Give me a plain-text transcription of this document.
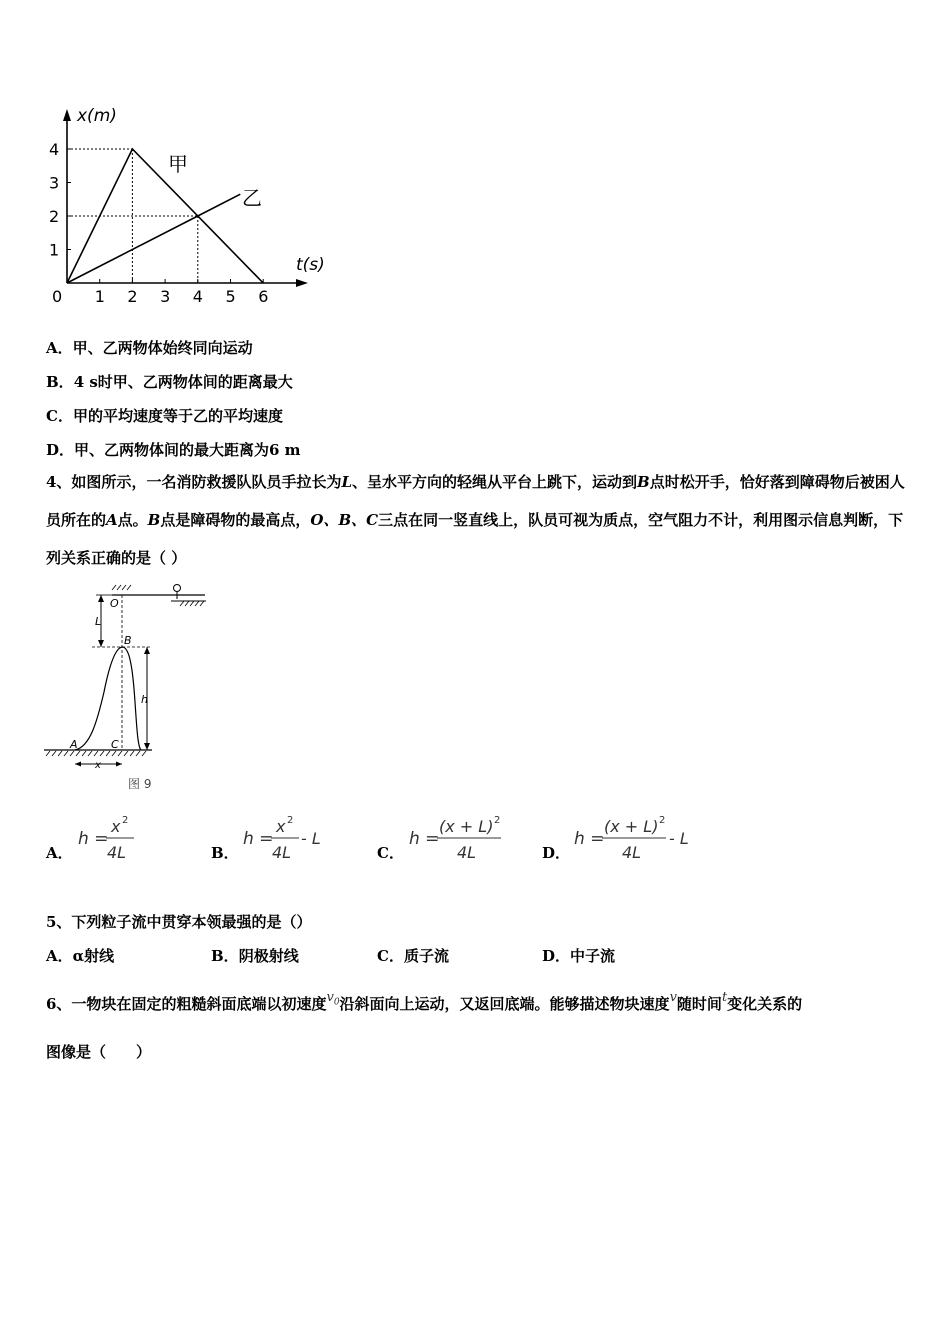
1 2 3 4 5 6
1
2
3
4
x(m)
t(s)
0
甲
乙
A．甲、乙两物体始终同向运动
B．4 s时甲、乙两物体间的距离最大
C．甲的平均速度等于乙的平均速度
D．甲、乙两物体间的最大距离为6 m
4、如图所示，一名消防救援队队员手拉长为L、呈水平方向的轻绳从平台上跳下，运动到B点时松开手，恰好落到障碍物后被困人员所在的A点。B点是障碍物的最高点，O、B、C三点在同一竖直线上，队员可视为质点，空气阻力不计，利用图示信息判断，下列关系正确的是（ ）
O
L
B
h
A	C
x
图 9
A．
h =
x 2
4L	B．
h =
x 2
4L
- L
C．
h =
(x + L) 2
4L	D．
h =
(x + L) 2
4L
- L
5、下列粒子流中贯穿本领最强的是（）
A．α射线	B．阴极射线	C．质子流	D．中子流
6、一物块在固定的粗糙斜面底端以初速度$v_0$沿斜面向上运动，又返回底端。能够描述物块速度v随时间t变化关系的
图像是（　　）
